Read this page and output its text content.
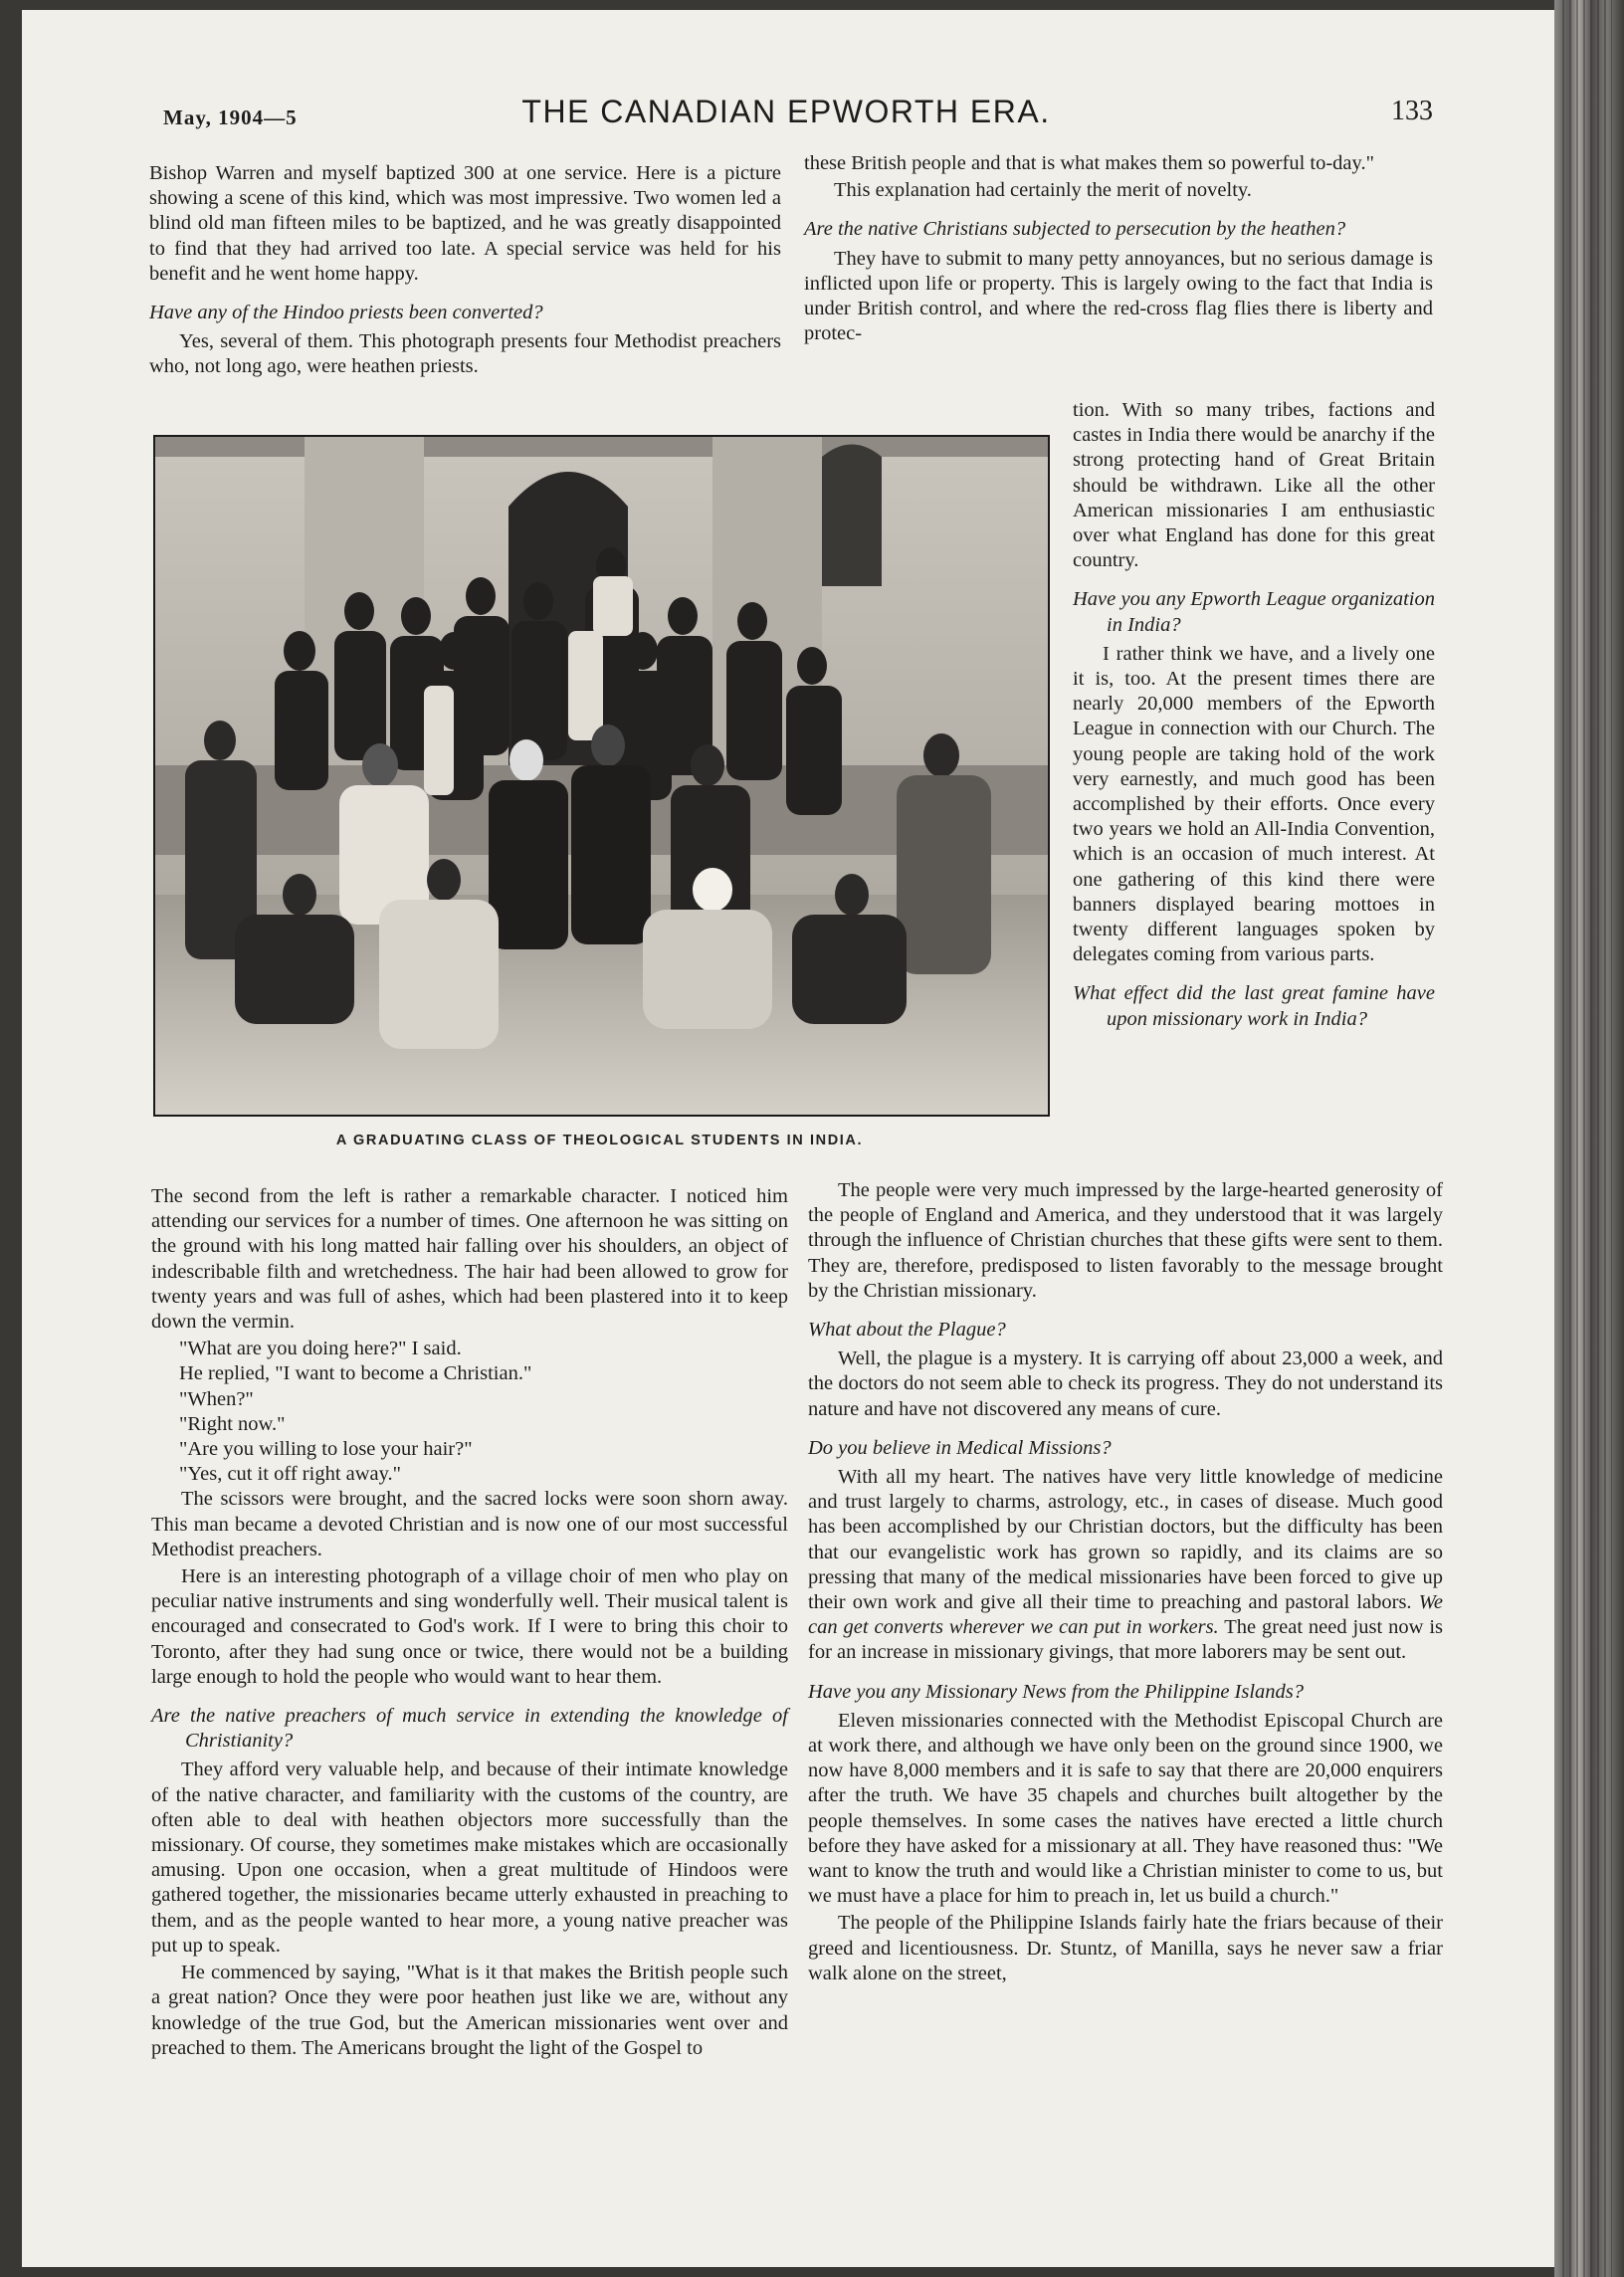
May, 1904—5	THE CANADIAN EPWORTH ERA.	133

Bishop Warren and myself baptized 300 at one service. Here is a picture showing a scene of this kind, which was most impressive. Two women led a blind old man fifteen miles to be baptized, and he was greatly disappointed to find that they had arrived too late. A special service was held for his benefit and he went home happy.

Have any of the Hindoo priests been converted?

Yes, several of them. This photograph presents four Methodist preachers who, not long ago, were heathen priests.

these British people and that is what makes them so powerful to-day."

This explanation had certainly the merit of novelty.

Are the native Christians subjected to persecution by the heathen?

They have to submit to many petty annoyances, but no serious damage is inflicted upon life or property. This is largely owing to the fact that India is under British control, and where the red-cross flag flies there is liberty and protec-

A GRADUATING CLASS OF THEOLOGICAL STUDENTS IN INDIA.

tion. With so many tribes, factions and castes in India there would be anarchy if the strong protecting hand of Great Britain should be withdrawn. Like all the other American missionaries I am enthusiastic over what England has done for this great country.

Have you any Epworth League organization in India?

I rather think we have, and a lively one it is, too. At the present times there are nearly 20,000 members of the Epworth League in connection with our Church. The young people are taking hold of the work very earnestly, and much good has been accomplished by their efforts. Once every two years we hold an All-India Convention, which is an occasion of much interest. At one gathering of this kind there were banners displayed bearing mottoes in twenty different languages spoken by delegates coming from various parts.

What effect did the last great famine have upon missionary work in India?

The second from the left is rather a remarkable character. I noticed him attending our services for a number of times. One afternoon he was sitting on the ground with his long matted hair falling over his shoulders, an object of indescribable filth and wretchedness. The hair had been allowed to grow for twenty years and was full of ashes, which had been plastered into it to keep down the vermin.

"What are you doing here?" I said.

He replied, "I want to become a Christian."

"When?"

"Right now."

"Are you willing to lose your hair?"

"Yes, cut it off right away."

The scissors were brought, and the sacred locks were soon shorn away. This man became a devoted Christian and is now one of our most successful Methodist preachers.

Here is an interesting photograph of a village choir of men who play on peculiar native instruments and sing wonderfully well. Their musical talent is encouraged and consecrated to God's work. If I were to bring this choir to Toronto, after they had sung once or twice, there would not be a building large enough to hold the people who would want to hear them.

Are the native preachers of much service in extending the knowledge of Christianity?

They afford very valuable help, and because of their intimate knowledge of the native character, and familiarity with the customs of the country, are often able to deal with heathen objectors more successfully than the missionary. Of course, they sometimes make mistakes which are occasionally amusing. Upon one occasion, when a great multitude of Hindoos were gathered together, the missionaries became utterly exhausted in preaching to them, and as the people wanted to hear more, a young native preacher was put up to speak.

He commenced by saying, "What is it that makes the British people such a great nation? Once they were poor heathen just like we are, without any knowledge of the true God, but the American missionaries went over and preached to them. The Americans brought the light of the Gospel to

The people were very much impressed by the large-hearted generosity of the people of England and America, and they understood that it was largely through the influence of Christian churches that these gifts were sent to them. They are, therefore, predisposed to listen favorably to the message brought by the Christian missionary.

What about the Plague?

Well, the plague is a mystery. It is carrying off about 23,000 a week, and the doctors do not seem able to check its progress. They do not understand its nature and have not discovered any means of cure.

Do you believe in Medical Missions?

With all my heart. The natives have very little knowledge of medicine and trust largely to charms, astrology, etc., in cases of disease. Much good has been accomplished by our Christian doctors, but the difficulty has been that our evangelistic work has grown so rapidly, and its claims are so pressing that many of the medical missionaries have been forced to give up their own work and give all their time to preaching and pastoral labors. We can get converts wherever we can put in workers. The great need just now is for an increase in missionary givings, that more laborers may be sent out.

Have you any Missionary News from the Philippine Islands?

Eleven missionaries connected with the Methodist Episcopal Church are at work there, and although we have only been on the ground since 1900, we now have 8,000 members and it is safe to say that there are 20,000 enquirers after the truth. We have 35 chapels and churches built altogether by the people themselves. In some cases the natives have erected a little church before they have asked for a missionary at all. They have reasoned thus: "We want to know the truth and would like a Christian minister to come to us, but we must have a place for him to preach in, let us build a church."

The people of the Philippine Islands fairly hate the friars because of their greed and licentiousness. Dr. Stuntz, of Manilla, says he never saw a friar walk alone on the street,
